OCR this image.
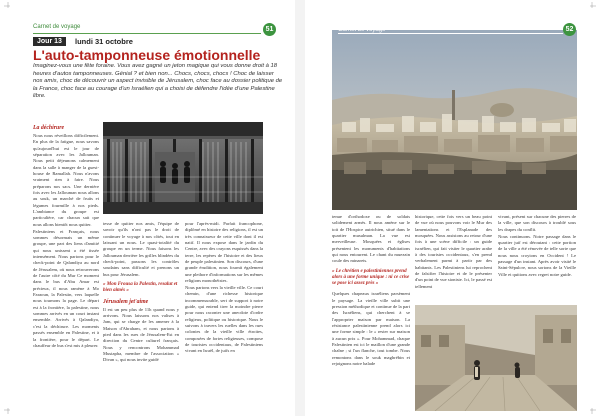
Carnet de voyage	51
Jour 13	lundi 31 octobre
L'auto-tamponneuse émotionnelle
Imaginez-vous une fête foraine. Vous avez gagné un jeton magique qui vous donne droit à 18 heures d'autos tamponneuses. Génial ? et bien non... Chocs, chocs, chocs ! Choc de laisser nos amis, choc de découvrir un aspect invisible de Jérusalem, choc face au dossier politique de la France, choc face au courage d'un Israélien qui a choisi de défendre l'idée d'une Palestine libre.
La déchirure

Nous nous réveillons difficilement. En plus de la fatigue, nous savons qu'aujourd'hui est le jour de séparation avec les Jallouman. Nous petit déjeunons calmement dans la salle à manger de la guest-house de Ramallah. Nous n'avons vraiment rien à faire. Nous préparons nos sacs. Une dernière fois avec les Jallouman nous allons au souk, un marché de fruits et légumes fourmille à nos pieds. L'ambiance du groupe est particulière, car chacun sait que nous allons bientôt nous quitter.

Palestiniens et Français, nous sommes désormais un même groupe, une part des liens d'amitié qui nous unissent a été tissée intensément. Nous partons pour le check-point de Qalandiya au nord de Jérusalem, où nous retrouverons de l'autre côté du Mur Ce moment dans le bus d'Abu Amar est précieux, il nous ramène à Mo Faraoun, la Palestin, vers laquelle nous tournons la page. Le départ est à la frontière, la palestine, nous sommes arrivés en un court instant ensemble. Arrivés à Qalandiya, c'est la déchirure. Les moments passés ensemble en Palestine, et à la frontière, pour le départ. Le chauffeur de bus s'est mis à pleurer.

tesse de quitter nos amis, l'équipe de savoir qu'ils n'ont pas le droit de continuer le voyage à nos côtés, tout en laissant un nous. Le quasi-totalité du groupe en un terme. Nous faisons les Jallouman derrière les grilles blindées du check-point, passons les contrôles soudains sans difficulté et prenons un bus pour Jérusalem.

« Mon Frousa la Palestin, resalut et bien aimés »
Jérusalem jet'aime

Il est un peu plus de 11h quand nous y arrivons. Nous laissons nos valises à Jam, qui se charge de les amener à la Maison d'Abraham, et nous partons à pied dans les rues de Jérusalem-Est en direction du Centre culturel français. Nous y rencontrons Mohammad Mustapha, membre de l'association « Divan », qui nous invite guidé

pour l'après-midi. Parfait francophone, diplômé en histoire des religions, il est un très connaisseur de cette ville dont il est natif. Il nous expose dans le jardin du Centre, avec des crayons esquissés dans la terre, les repères de l'histoire et des lieux de peuple palestinien. Son discours, d'une grande érudition, nous fournit également une plethore d'informations sur les mêmes religions monothéistes.

Nous partons vers la vieille ville. Ce court chemin, d'une richesse historique incommensurable, sert de support à notre guide, qui entend tirer la moindre pierre pour nous raconter une anecdote d'ordre religieux, politique ou historique. Nous le suivons à travers les ruelles dans les rues colonies de la vieille ville étroites, composées de fortes religieuses, compose de touristes occidentaux, de Palestiniens vivant en Israël, de juifs en

Carnet de voyage	52

tenue d'orthodoxe ou de soldats solidement armés. Il nous amène sur le toit de l'Hospice autrichien, situé dans le quartier musulman. La vue est merveilleuse. Mosquées et églises présentent les monuments d'habitations qui nous entourent. Le chant du muezzin coule des minarets.

« Le chrétien e palestiniennes prend alors à une forme unique : ni ce crise se pose ici assez près »

Quelques chapeaux israéliens parsèment le paysage. La vieille ville subit une pression méthodique et continue de la part des Israéliens, qui cherchent à se l'approprier maison par maison. La résistance palestinienne prend alors ici une forme simple : le « rester sur maison à aucun prix ». Pour Mohammad, chaque Palestinien est ici le maillon d'une grande chaîne ; si l'un flanche, tout tombe. Nous remontons dans le souk maghrébin et rejoignons notre balade

historique, cette fois vers un beau point de vue où nous pouvons voir le Mur des lamentations et l'Esplanade des mosquées. Nous assistons au retour d'une fois à une scène difficile : un guide israélien, qui fait visiter le quartier arabe à des touristes occidentaux, s'en prend verbalement parmi à partir par des habitants. Les Palestiniens lui reprochent de falsifier l'histoire et de le présenter d'un point de vue sioniste. Ici, le passé est tellement

vivant, présent sur chacune des pierres de la ville, que son discours à troublé sous les drapes du conflit.

Nous continuons. Notre passage dans le quartier juif est déroutant : cette portion de la ville a été rénovée de telle sorte que nous nous croyions en Occident ! Le passage d'un instant. Après avoir visité le Saint-Sépulcre, nous sortons de la Vieille Ville et quittons avec regret notre guide.
